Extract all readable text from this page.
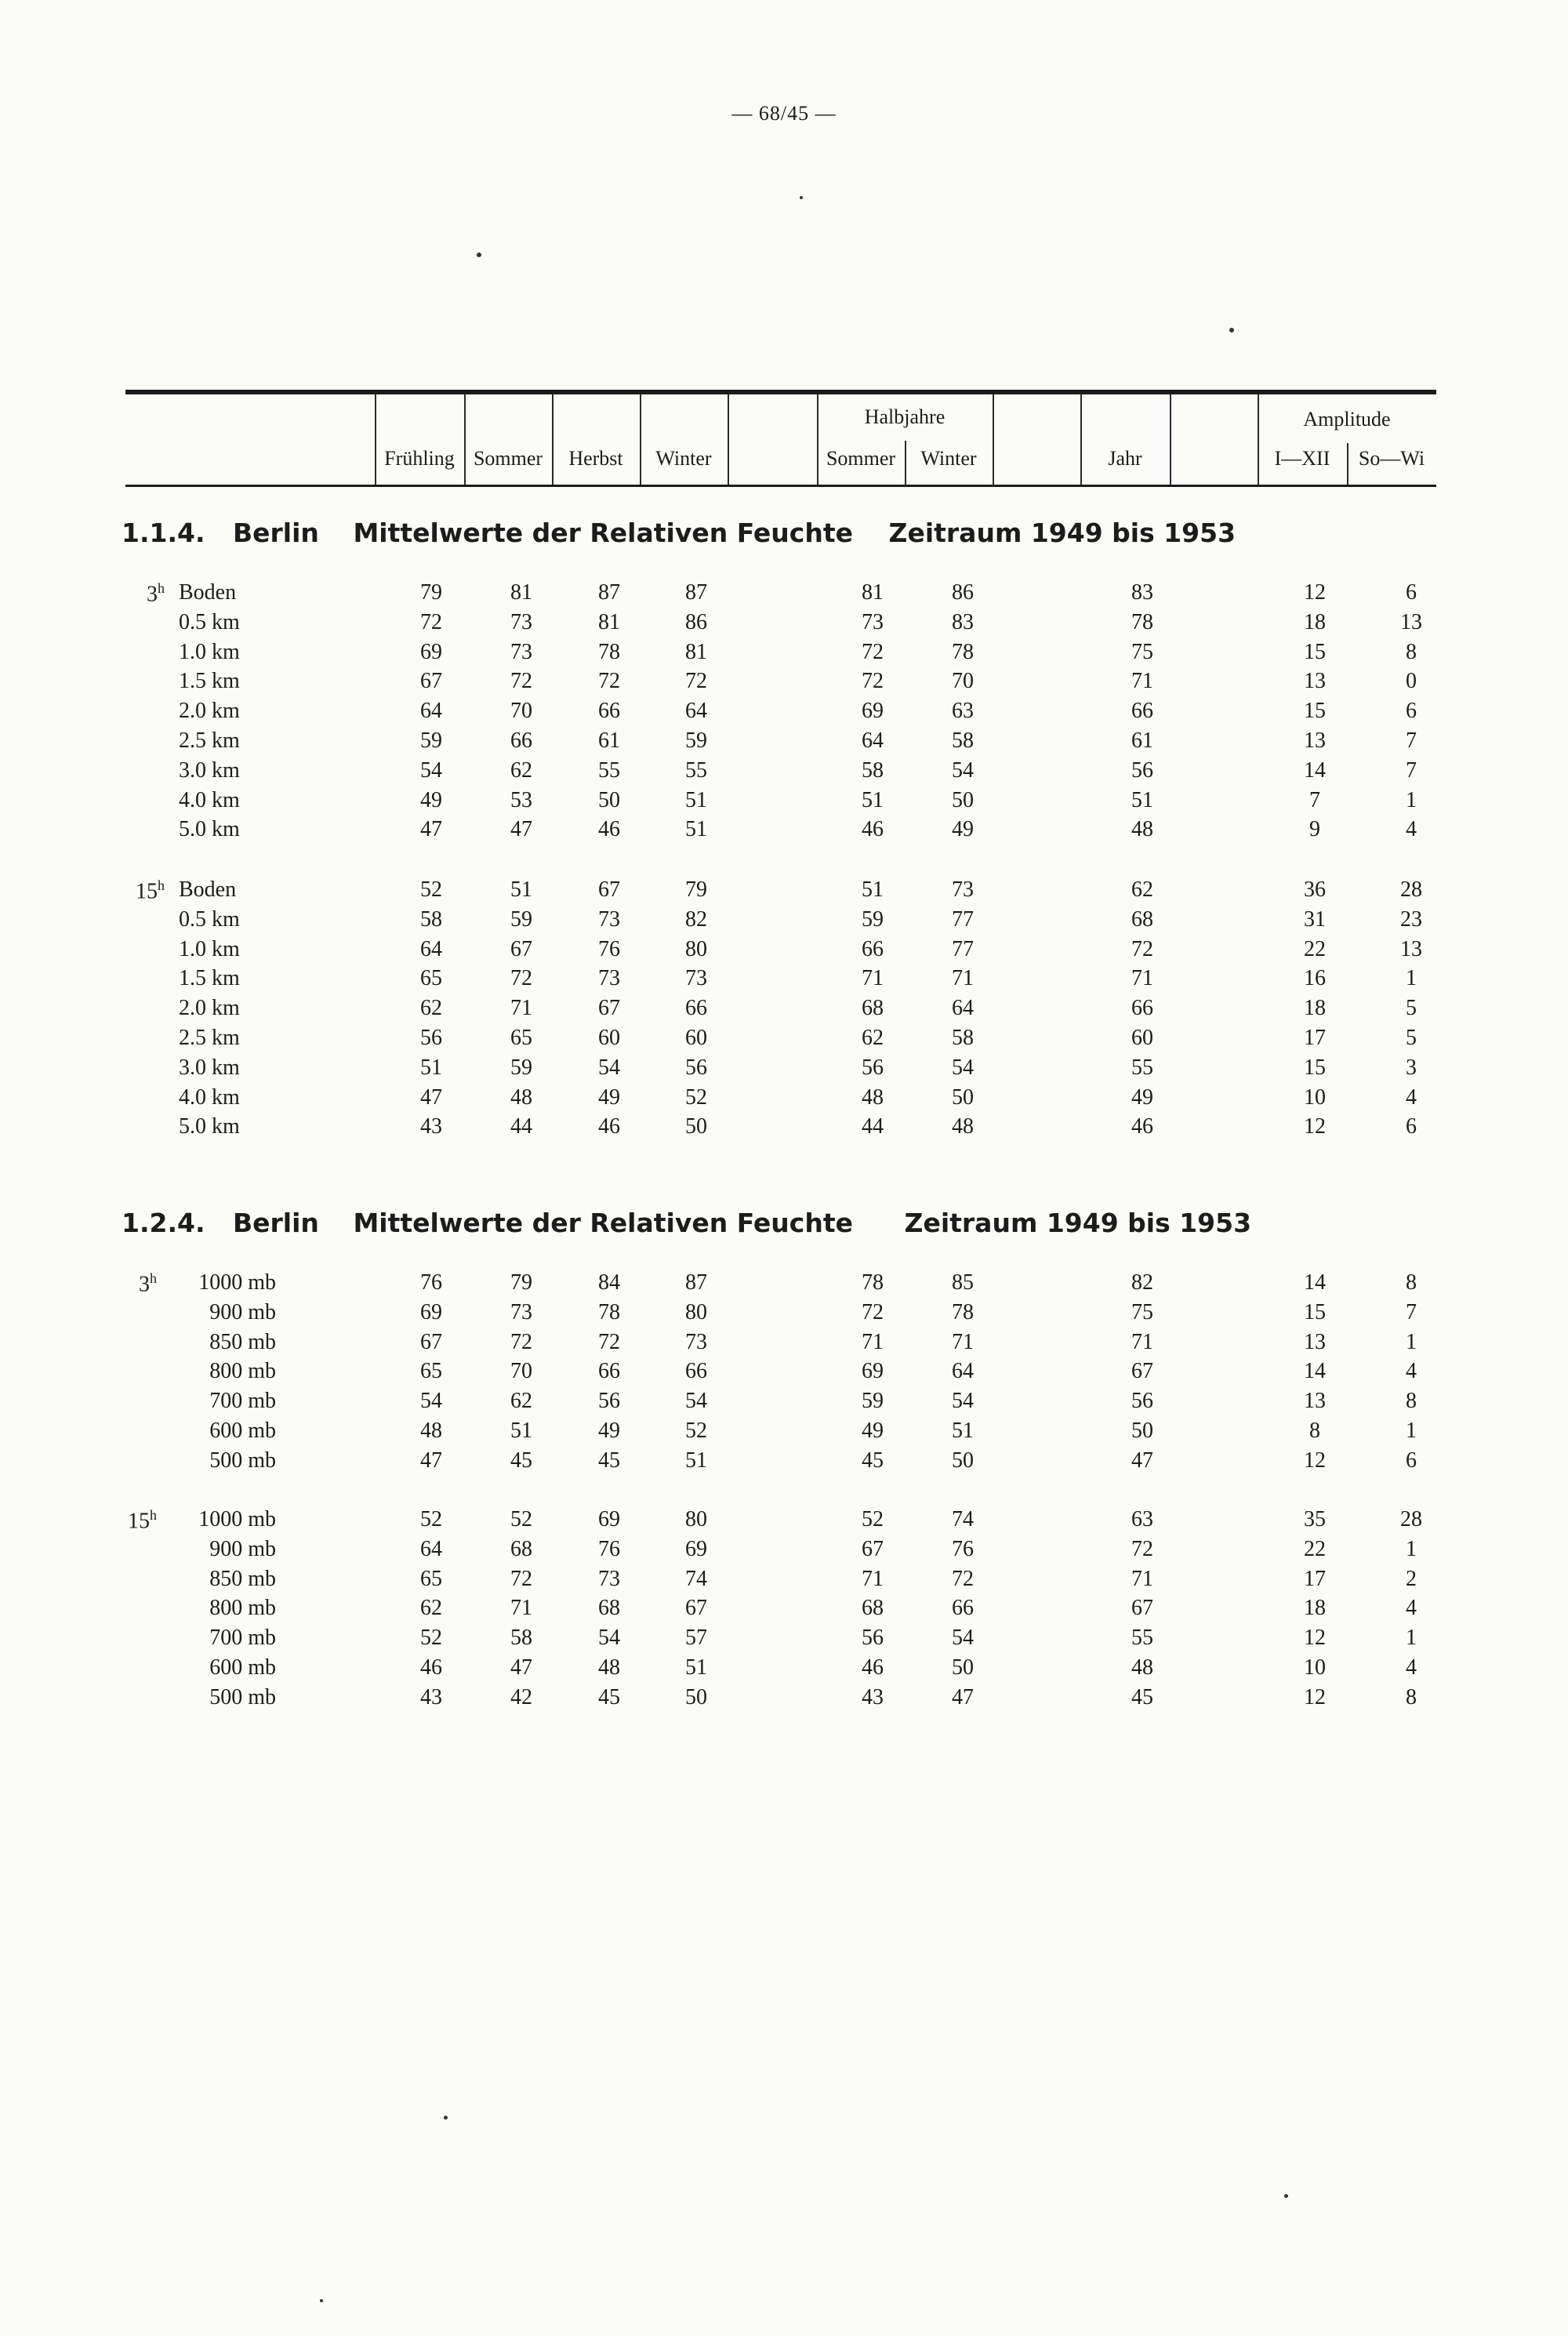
— 68/45 —
Frühling Sommer	Herbst	Winter
Halbjahre
Sommer	Winter	Jahr
Amplitude
I—XII	So—Wi
1.1.4. Berlin Mittelwerte der Relativen Feuchte Zeitraum 1949 bis 1953
1.2.4. Berlin Mittelwerte der Relativen Feuchte Zeitraum 1949 bis 1953
3$^h$ Boden	79	81	87	87	81	86	83	12	6
0.5 km	72	73	81	86	73	83	78	18	13
1.0 km	69	73	78	81	72	78	75	15	8
1.5 km	67	72	72	72	72	70	71	13	0
2.0 km	64	70	66	64	69	63	66	15	6
2.5 km	59	66	61	59	64	58	61	13	7
3.0 km	54	62	55	55	58	54	56	14	7
4.0 km	49	53	50	51	51	50	51	7	1
5.0 km	47	47	46	51	46	49	48	9	4
15$^h$ Boden	52	51	67	79	51	73	62	36	28
0.5 km	58	59	73	82	59	77	68	31	23
1.0 km	64	67	76	80	66	77	72	22	13
1.5 km	65	72	73	73	71	71	71	16	1
2.0 km	62	71	67	66	68	64	66	18	5
2.5 km	56	65	60	60	62	58	60	17	5
3.0 km	51	59	54	56	56	54	55	15	3
4.0 km	47	48	49	52	48	50	49	10	4
5.0 km	43	44	46	50	44	48	46	12	6
3$^h$	1000 mb	76	79	84	87	78	85	82	14	8
900 mb	69	73	78	80	72	78	75	15	7
850 mb	67	72	72	73	71	71	71	13	1
800 mb	65	70	66	66	69	64	67	14	4
700 mb	54	62	56	54	59	54	56	13	8
600 mb	48	51	49	52	49	51	50	8	1
500 mb	47	45	45	51	45	50	47	12	6
15$^h$	1000 mb	52	52	69	80	52	74	63	35	28
900 mb	64	68	76	69	67	76	72	22	1
850 mb	65	72	73	74	71	72	71	17	2
800 mb	62	71	68	67	68	66	67	18	4
700 mb	52	58	54	57	56	54	55	12	1
600 mb	46	47	48	51	46	50	48	10	4
500 mb	43	42	45	50	43	47	45	12	8
